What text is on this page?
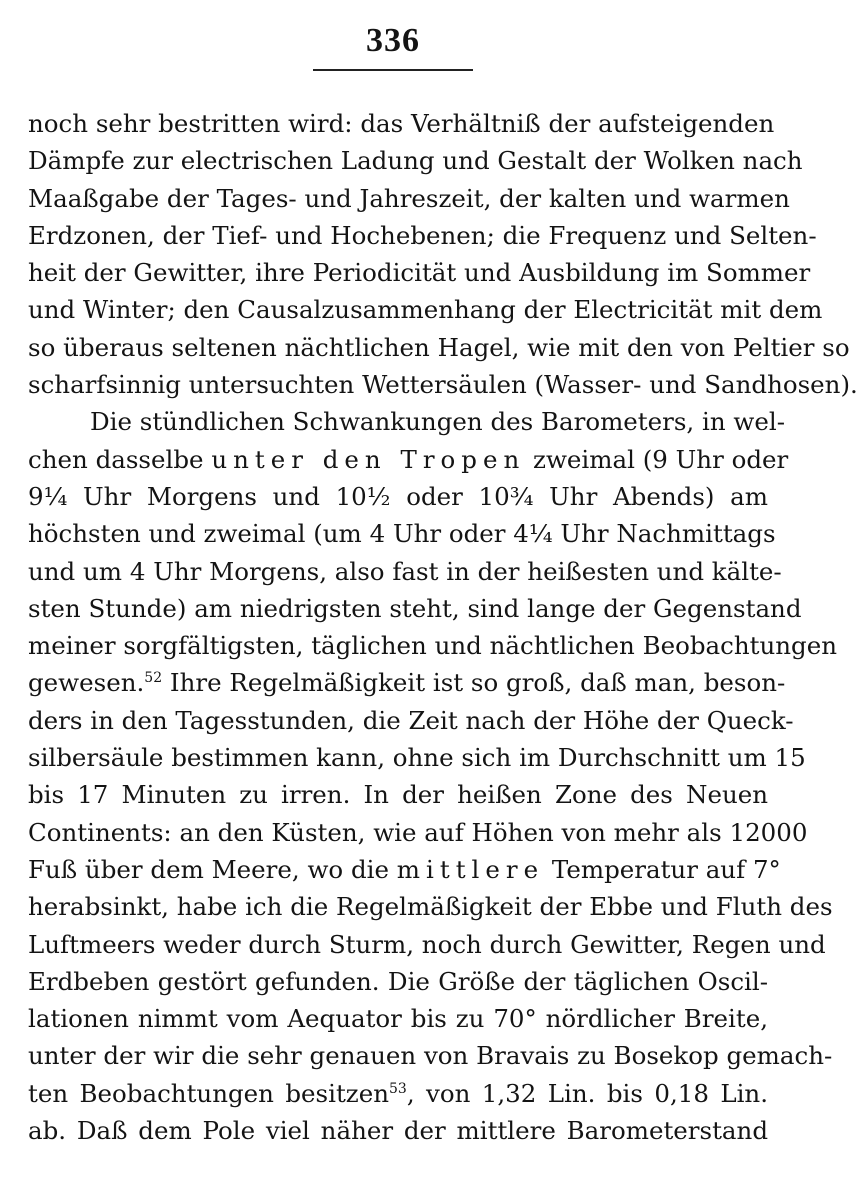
336
noch sehr bestritten wird: das Verhältniß der aufsteigenden
Dämpfe zur electrischen Ladung und Gestalt der Wolken nach
Maaßgabe der Tages- und Jahreszeit, der kalten und warmen
Erdzonen, der Tief- und Hochebenen; die Frequenz und Selten-
heit der Gewitter, ihre Periodicität und Ausbildung im Sommer
und Winter; den Causalzusammenhang der Electricität mit dem
so überaus seltenen nächtlichen Hagel, wie mit den von Peltier so
scharfsinnig untersuchten Wettersäulen (Wasser- und Sandhosen).
Die stündlichen Schwankungen des Barometers, in wel-
chen dasselbe unter den Tropen zweimal (9 Uhr oder
9¼ Uhr Morgens und 10½ oder 10¾ Uhr Abends) am
höchsten und zweimal (um 4 Uhr oder 4¼ Uhr Nachmittags
und um 4 Uhr Morgens, also fast in der heißesten und kälte-
sten Stunde) am niedrigsten steht, sind lange der Gegenstand
meiner sorgfältigsten, täglichen und nächtlichen Beobachtungen
gewesen.$^{52}$ Ihre Regelmäßigkeit ist so groß, daß man, beson-
ders in den Tagesstunden, die Zeit nach der Höhe der Queck-
silbersäule bestimmen kann, ohne sich im Durchschnitt um 15
bis 17 Minuten zu irren. In der heißen Zone des Neuen
Continents: an den Küsten, wie auf Höhen von mehr als 12000
Fuß über dem Meere, wo die mittlere Temperatur auf 7°
herabsinkt, habe ich die Regelmäßigkeit der Ebbe und Fluth des
Luftmeers weder durch Sturm, noch durch Gewitter, Regen und
Erdbeben gestört gefunden. Die Größe der täglichen Oscil-
lationen nimmt vom Aequator bis zu 70° nördlicher Breite,
unter der wir die sehr genauen von Bravais zu Bosekop gemach-
ten Beobachtungen besitzen$^{53}$, von 1,32 Lin. bis 0,18 Lin.
ab. Daß dem Pole viel näher der mittlere Barometerstand
